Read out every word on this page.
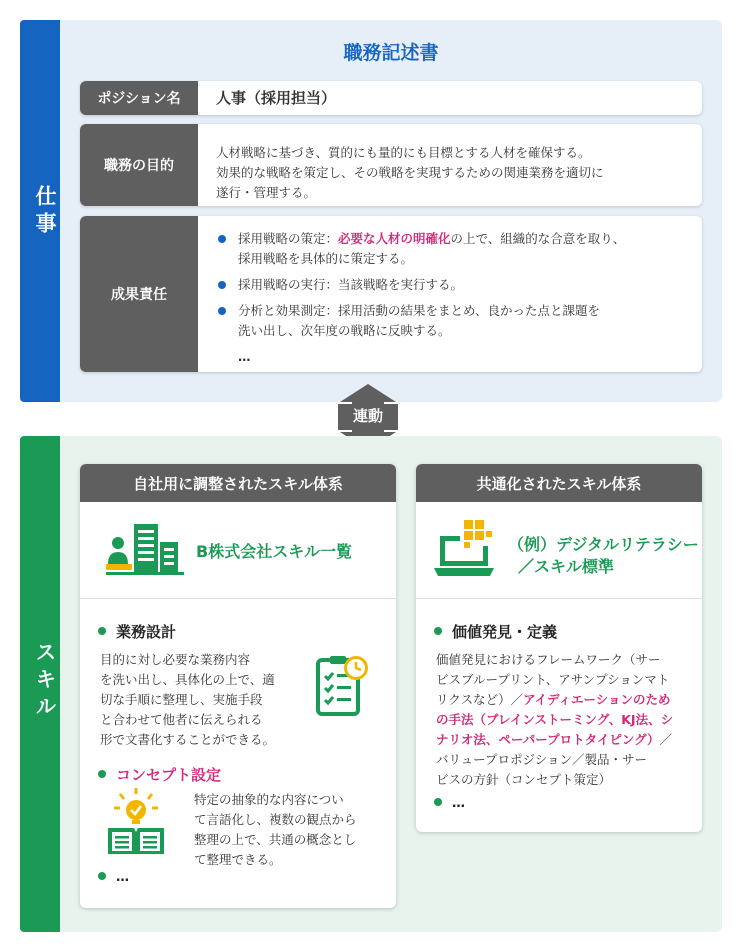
仕事
職務記述書
ポジション名	人事（採用担当）
職務の目的
人材戦略に基づき、質的にも量的にも目標とする人材を確保する。
効果的な戦略を策定し、その戦略を実現するための関連業務を適切に
遂行・管理する。
成果責任
採用戦略の策定：必要な人材の明確化の上で、組織的な合意を取り、
採用戦略を具体的に策定する。
採用戦略の実行：当該戦略を実行する。
分析と効果測定：採用活動の結果をまとめ、良かった点と課題を
洗い出し、次年度の戦略に反映する。
…
連動
スキル
自社用に調整されたスキル体系
B株式会社スキル一覧
業務設計
目的に対し必要な業務内容
を洗い出し、具体化の上で、適
切な手順に整理し、実施手段
と合わせて他者に伝えられる
形で文書化することができる。
コンセプト設定
特定の抽象的な内容につい
て言語化し、複数の観点から
整理の上で、共通の概念とし
て整理できる。
…
共通化されたスキル体系
（例）デジタルリテラシー
／スキル標準
価値発見・定義
価値発見におけるフレームワーク（サー
ビスブループリント、アサンプションマト
リクスなど）／アイディエーションのため
の手法（ブレインストーミング、KJ法、シ
ナリオ法、ペーパープロトタイピング）／
バリュープロポジション／製品・サー
ビスの方針（コンセプト策定）
…
